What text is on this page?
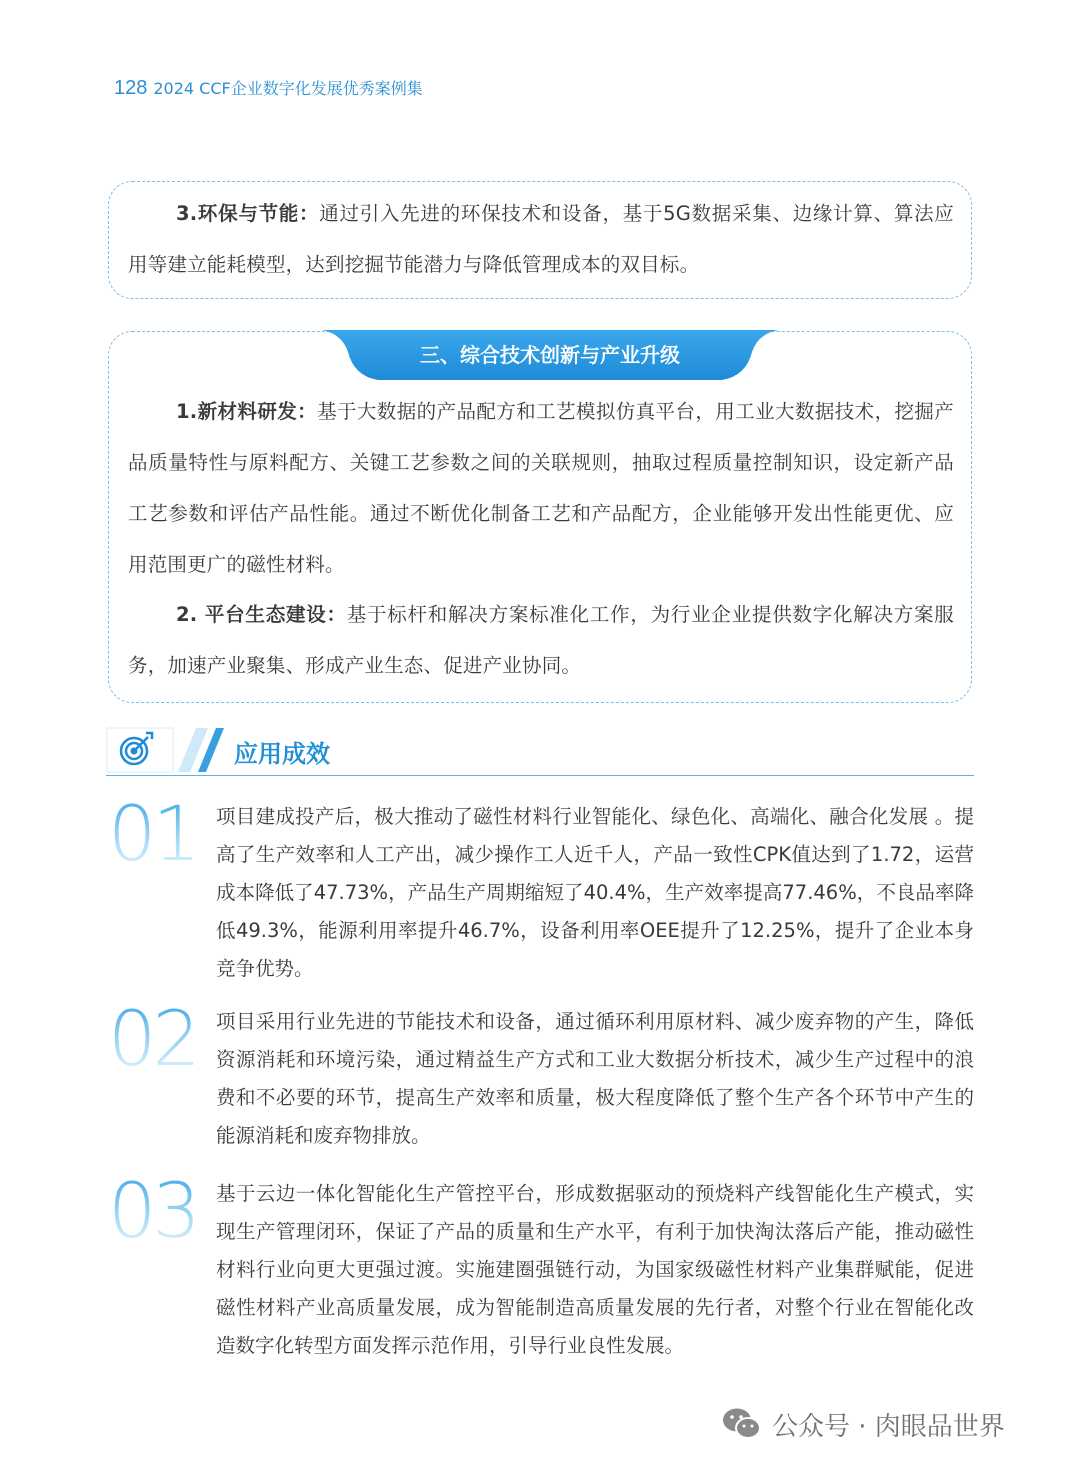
128 2024 CCF企业数字化发展优秀案例集

3.环保与节能：通过引入先进的环保技术和设备，基于5G数据采集、边缘计算、算法应用等建立能耗模型，达到挖掘节能潜力与降低管理成本的双目标。

三、综合技术创新与产业升级

1.新材料研发：基于大数据的产品配方和工艺模拟仿真平台，用工业大数据技术，挖掘产品质量特性与原料配方、关键工艺参数之间的关联规则，抽取过程质量控制知识，设定新产品工艺参数和评估产品性能。通过不断优化制备工艺和产品配方，企业能够开发出性能更优、应用范围更广的磁性材料。

2. 平台生态建设：基于标杆和解决方案标准化工作，为行业企业提供数字化解决方案服务，加速产业聚集、形成产业生态、促进产业协同。

应用成效
01 项目建成投产后，极大推动了磁性材料行业智能化、绿色化、高端化、融合化发展 。提高了生产效率和人工产出，减少操作工人近千人，产品一致性CPK值达到了1.72，运营成本降低了47.73%，产品生产周期缩短了40.4%，生产效率提高77.46%，不良品率降低49.3%，能源利用率提升46.7%，设备利用率OEE提升了12.25%，提升了企业本身竞争优势。

02 项目采用行业先进的节能技术和设备，通过循环利用原材料、减少废弃物的产生，降低资源消耗和环境污染，通过精益生产方式和工业大数据分析技术，减少生产过程中的浪费和不必要的环节，提高生产效率和质量，极大程度降低了整个生产各个环节中产生的能源消耗和废弃物排放。

03 基于云边一体化智能化生产管控平台，形成数据驱动的预烧料产线智能化生产模式，实现生产管理闭环，保证了产品的质量和生产水平，有利于加快淘汰落后产能，推动磁性材料行业向更大更强过渡。实施建圈强链行动，为国家级磁性材料产业集群赋能，促进磁性材料产业高质量发展，成为智能制造高质量发展的先行者，对整个行业在智能化改造数字化转型方面发挥示范作用，引导行业良性发展。

公众号 · 肉眼品世界
